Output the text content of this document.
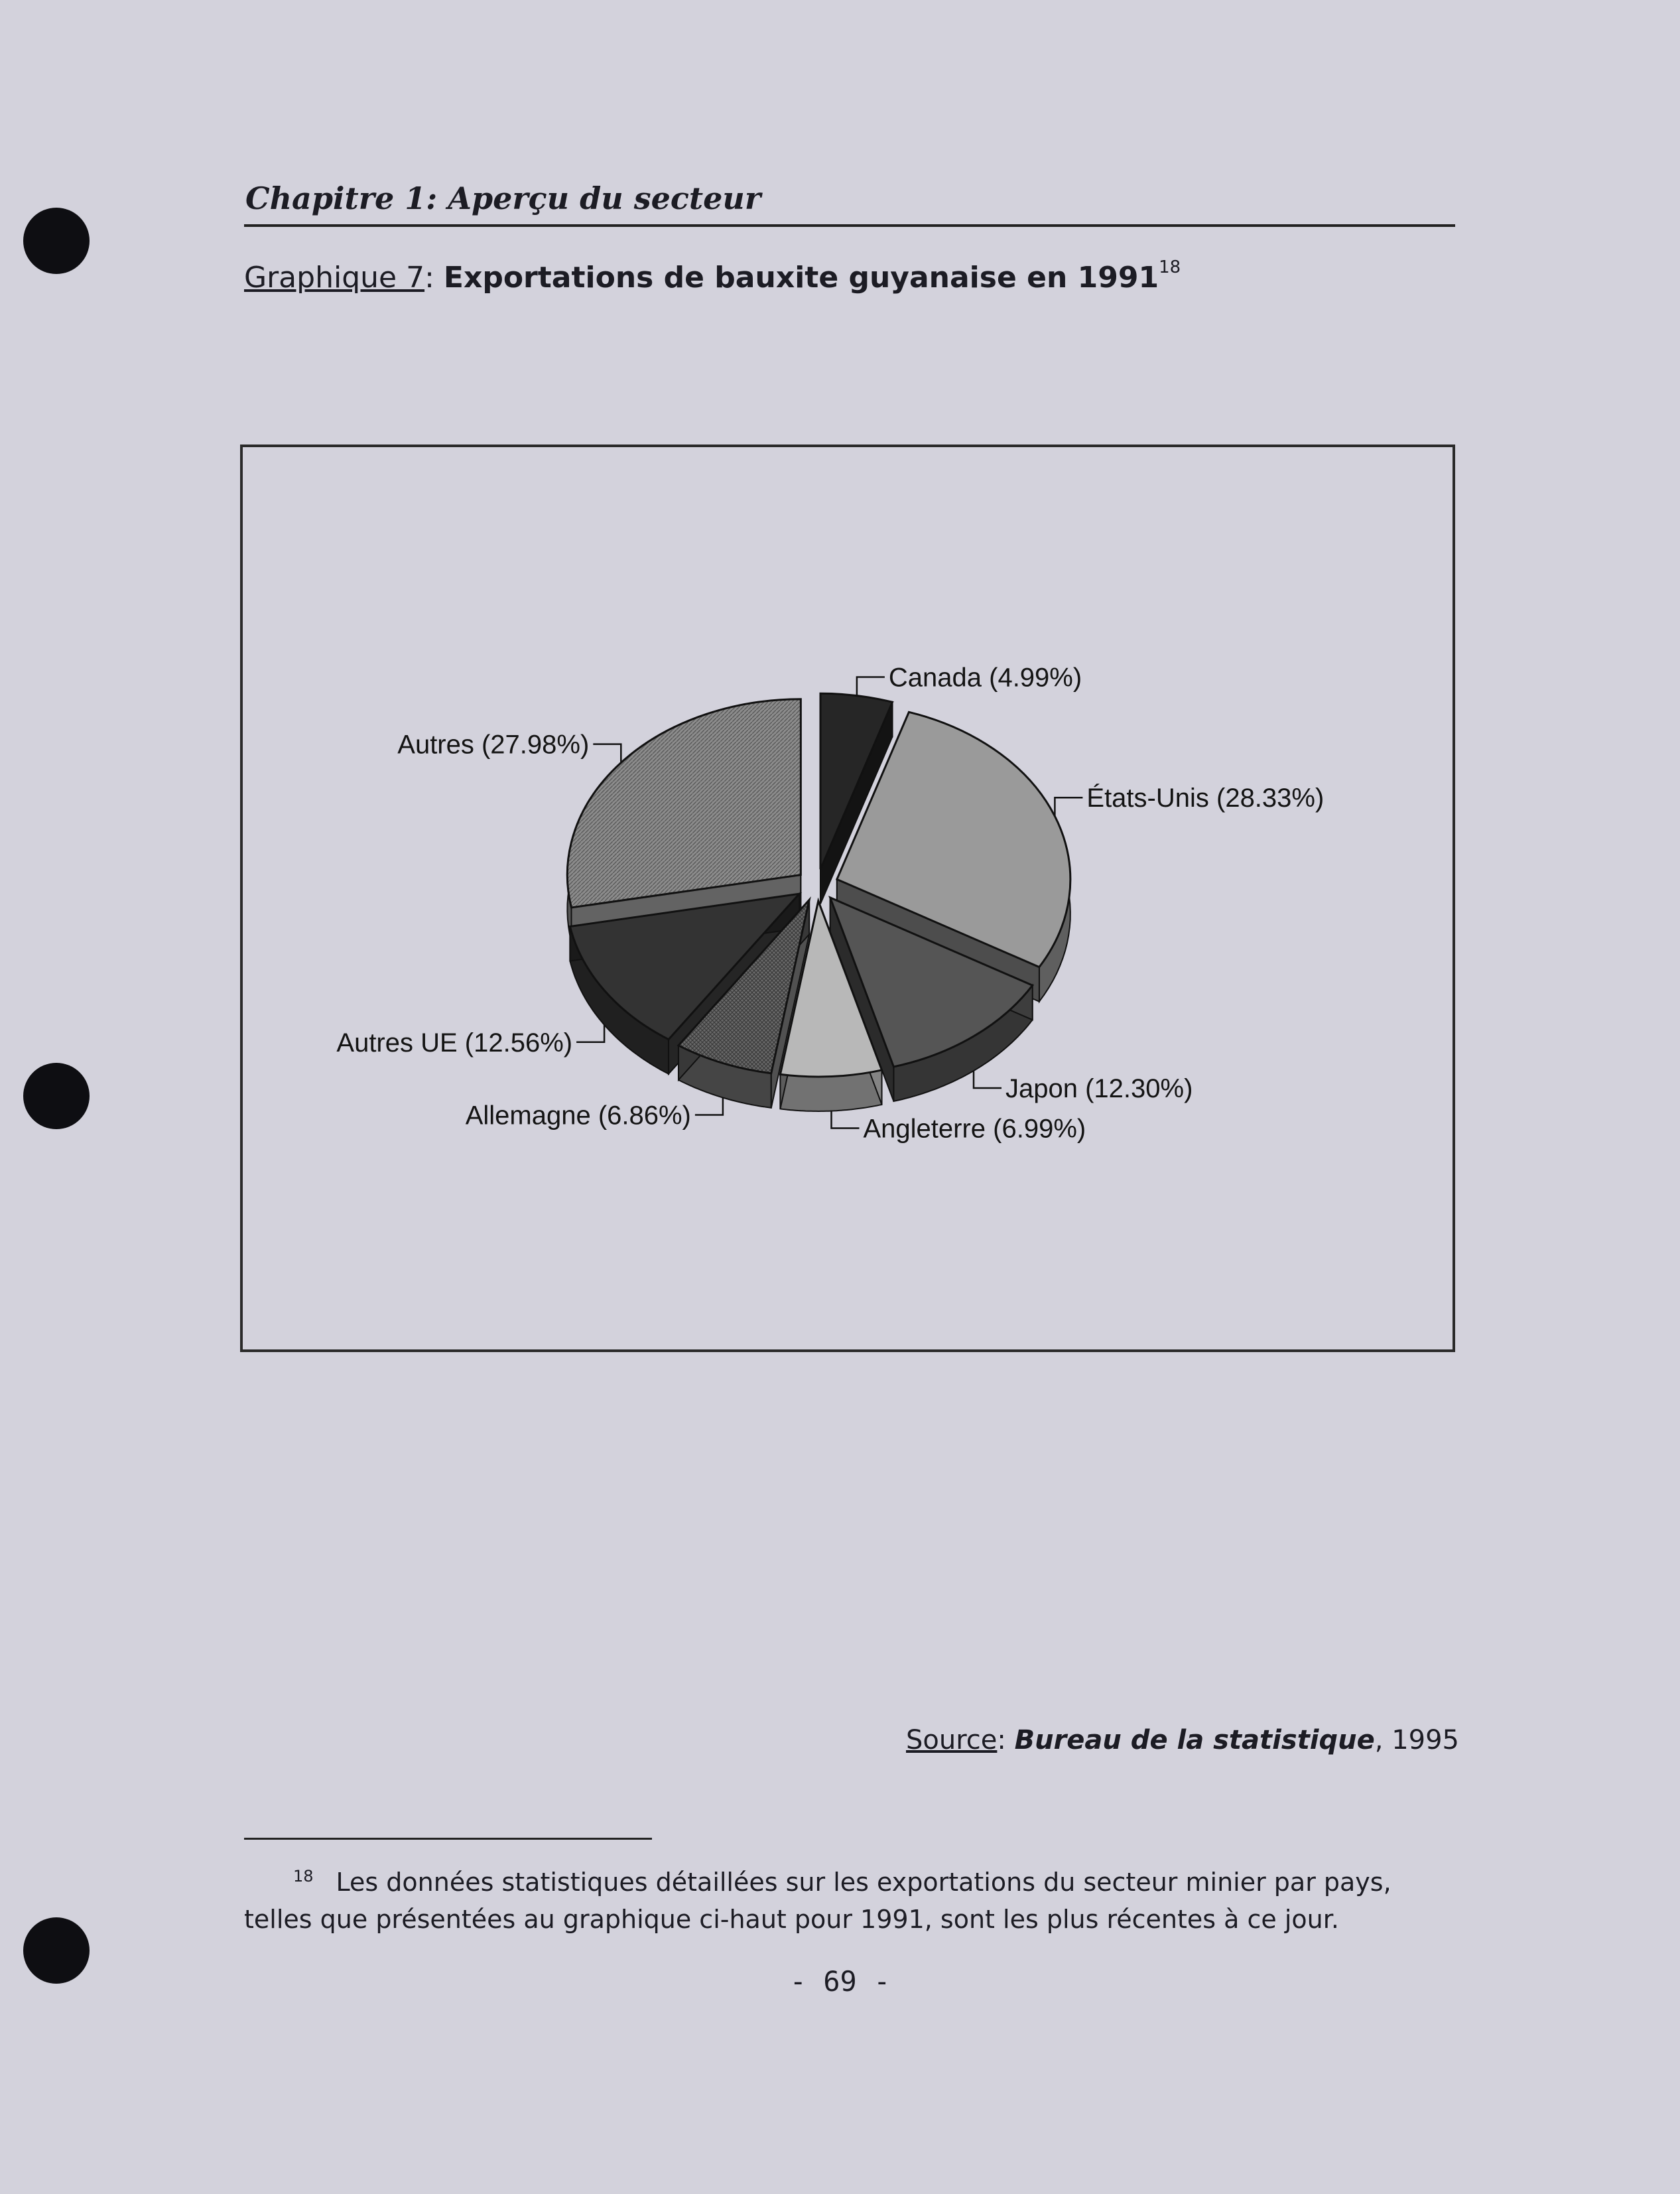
Chapitre 1: Aperçu du secteur
Graphique 7: Exportations de bauxite guyanaise en 1991$^{18}$
Canada (4.99%)
États-Unis (28.33%)
Japon (12.30%)
Angleterre (6.99%)
Allemagne (6.86%)
Autres UE (12.56%)
Autres (27.98%)
Source: Bureau de la statistique, 1995
$^{18}$ Les données statistiques détaillées sur les exportations du secteur minier par pays, telles que présentées au graphique ci-haut pour 1991, sont les plus récentes à ce jour.
- 69 -
